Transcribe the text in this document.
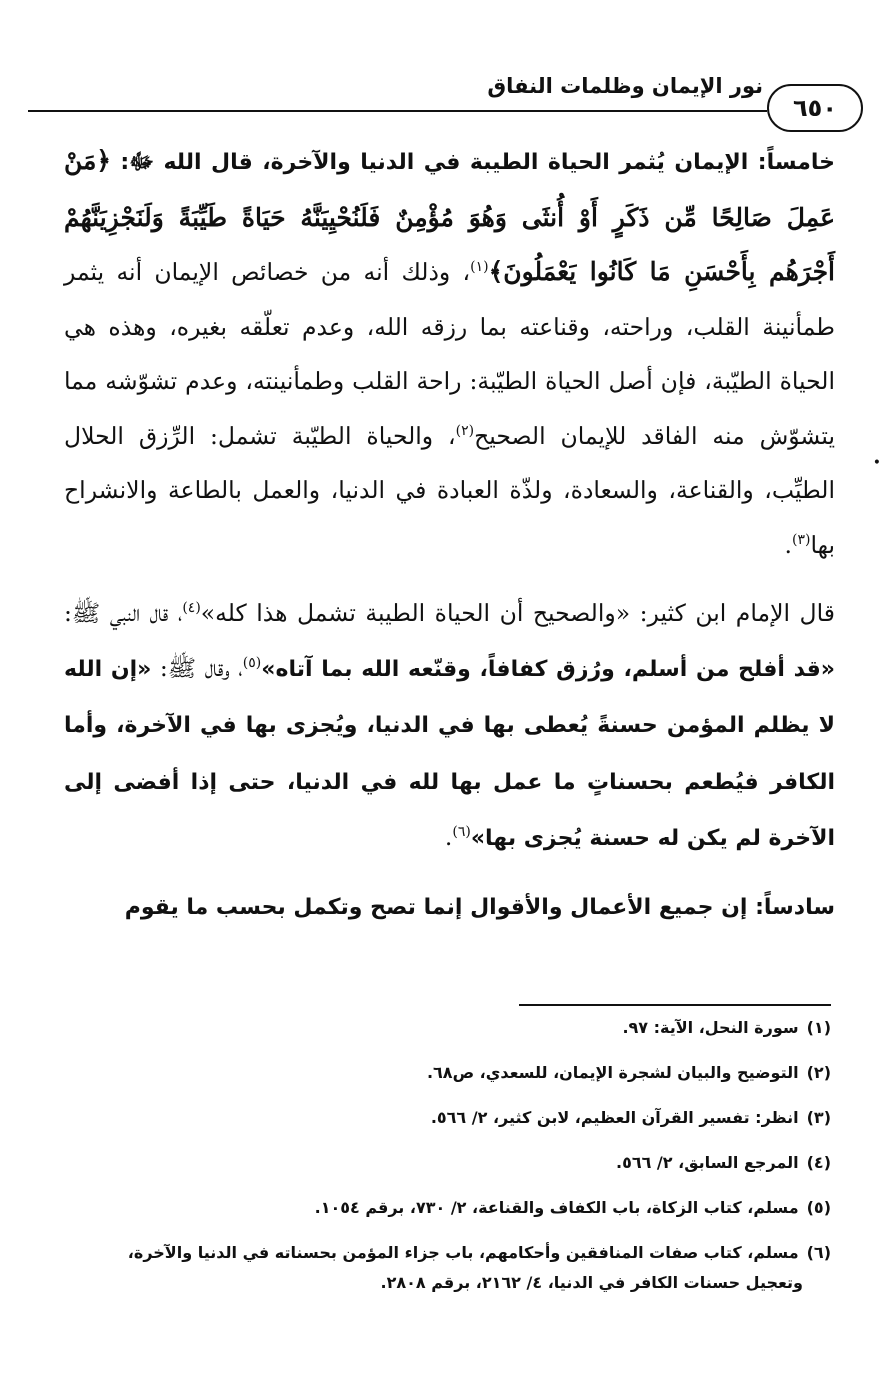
نور الإيمان وظلمات النفاق
٦٥٠
•

خامساً: الإيمان يُثمر الحياة الطيبة في الدنيا والآخرة، قال الله ﷻ: ﴿مَنْ عَمِلَ صَالِحًا مِّن ذَكَرٍ أَوْ أُنثَى وَهُوَ مُؤْمِنٌ فَلَنُحْيِيَنَّهُ حَيَاةً طَيِّبَةً وَلَنَجْزِيَنَّهُمْ أَجْرَهُم بِأَحْسَنِ مَا كَانُوا يَعْمَلُونَ﴾$^{(١)}$، وذلك أنه من خصائص الإيمان أنه يثمر طمأنينة القلب، وراحته، وقناعته بما رزقه الله، وعدم تعلّقه بغيره، وهذه هي الحياة الطيّبة، فإن أصل الحياة الطيّبة: راحة القلب وطمأنينته، وعدم تشوّشه مما يتشوّش منه الفاقد للإيمان الصحيح$^{(٢)}$، والحياة الطيّبة تشمل: الرِّزق الحلال الطيِّب، والقناعة، والسعادة، ولذّة العبادة في الدنيا، والعمل بالطاعة والانشراح بها$^{(٣)}$.

قال الإمام ابن كثير: «والصحيح أن الحياة الطيبة تشمل هذا كله»$^{(٤)}$، قال النبي ﷺ: «قد أفلح من أسلم، ورُزق كفافاً، وقنّعه الله بما آتاه»$^{(٥)}$، وقال ﷺ: «إن الله لا يظلم المؤمن حسنةً يُعطى بها في الدنيا، ويُجزى بها في الآخرة، وأما الكافر فيُطعم بحسناتٍ ما عمل بها لله في الدنيا، حتى إذا أفضى إلى الآخرة لم يكن له حسنة يُجزى بها»$^{(٦)}$.

سادساً: إن جميع الأعمال والأقوال إنما تصح وتكمل بحسب ما يقوم

(١)سورة النحل، الآية: ٩٧.

(٢)التوضيح والبيان لشجرة الإيمان، للسعدي، ص٦٨.

(٣)انظر: تفسير القرآن العظيم، لابن كثير، ٢/ ٥٦٦.

(٤)المرجع السابق، ٢/ ٥٦٦.

(٥)مسلم، كتاب الزكاة، باب الكفاف والقناعة، ٢/ ٧٣٠، برقم ١٠٥٤.

(٦)مسلم، كتاب صفات المنافقين وأحكامهم، باب جزاء المؤمن بحسناته في الدنيا والآخرة،
وتعجيل حسنات الكافر في الدنيا، ٤/ ٢١٦٢، برقم ٢٨٠٨.
